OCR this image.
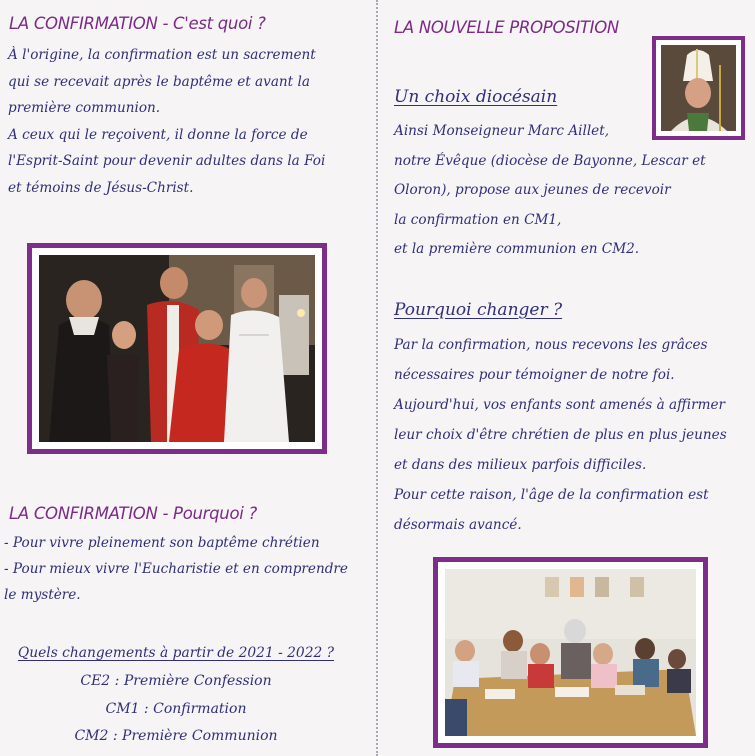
LA CONFIRMATION - C'est quoi ?
À l'origine, la confirmation est un sacrement
qui se recevait après le baptême et avant la
première communion.
A ceux qui le reçoivent, il donne la force de
l'Esprit-Saint pour devenir adultes dans la Foi
et témoins de Jésus-Christ.
LA CONFIRMATION - Pourquoi ?
- Pour vivre pleinement son baptême chrétien
- Pour mieux vivre l'Eucharistie et en comprendre
le mystère.
Quels changements à partir de 2021 - 2022 ?
CE2 : Première Confession
CM1 : Confirmation
CM2 : Première Communion
LA NOUVELLE PROPOSITION
Un choix diocésain
Ainsi Monseigneur Marc Aillet,
notre Évêque (diocèse de Bayonne, Lescar et
Oloron), propose aux jeunes de recevoir
la confirmation en CM1,
et la première communion en CM2.
Pourquoi changer ?
Par la confirmation, nous recevons les grâces
nécessaires pour témoigner de notre foi.
Aujourd'hui, vos enfants sont amenés à affirmer
leur choix d'être chrétien de plus en plus jeunes
et dans des milieux parfois difficiles.
Pour cette raison, l'âge de la confirmation est
désormais avancé.
